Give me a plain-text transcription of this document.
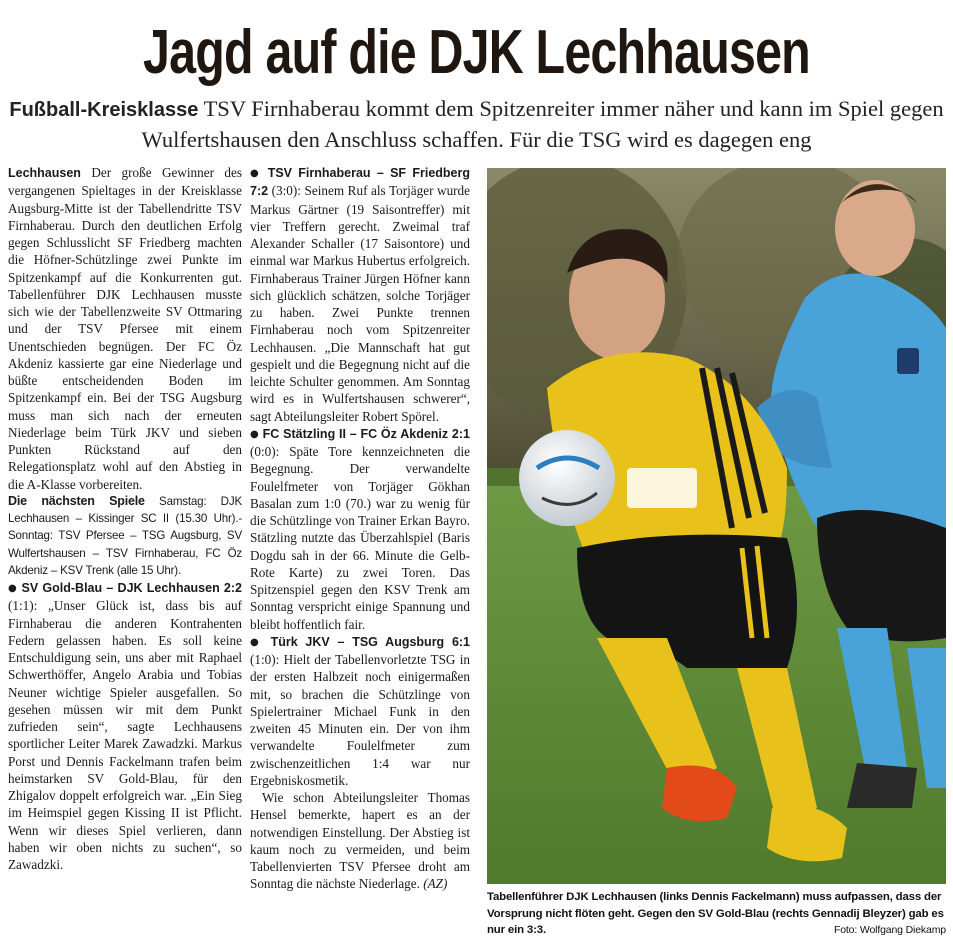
Jagd auf die DJK Lechhausen
Fußball-Kreisklasse TSV Firnhaberau kommt dem Spitzenreiter immer näher und kann im Spiel gegen Wulfertshausen den Anschluss schaffen. Für die TSG wird es dagegen eng

Lechhausen Der große Gewinner des vergangenen Spieltages in der Kreisklasse Augsburg-Mitte ist der Tabellendritte TSV Firnhaberau. Durch den deutlichen Erfolg gegen Schlusslicht SF Friedberg machten die Höfner-Schützlinge zwei Punkte im Spitzenkampf auf die Konkurrenten gut. Tabellenführer DJK Lechhausen musste sich wie der Tabellenzweite SV Ottmaring und der TSV Pfersee mit einem Unentschieden begnügen. Der FC Öz Akdeniz kassierte gar eine Niederlage und büßte entscheidenden Boden im Spitzenkampf ein. Bei der TSG Augsburg muss man sich nach der erneuten Niederlage beim Türk JKV und sieben Punkten Rückstand auf den Relegationsplatz wohl auf den Abstieg in die A-Klasse vorbereiten.

Die nächsten Spiele Samstag: DJK Lechhausen – Kissinger SC II (15.30 Uhr).- Sonntag: TSV Pfersee – TSG Augsburg, SV Wulfertshausen – TSV Firnhaberau, FC Öz Akdeniz – KSV Trenk (alle 15 Uhr).

● SV Gold-Blau – DJK Lechhausen 2:2 (1:1): „Unser Glück ist, dass bis auf Firnhaberau die anderen Kontrahenten Federn gelassen haben. Es soll keine Entschuldigung sein, uns aber mit Raphael Schwerthöffer, Angelo Arabia und Tobias Neuner wichtige Spieler ausgefallen. So gesehen müssen wir mit dem Punkt zufrieden sein“, sagte Lechhausens sportlicher Leiter Marek Zawadzki. Markus Porst und Dennis Fackelmann trafen beim heimstarken SV Gold-Blau, für den Zhigalov doppelt erfolgreich war. „Ein Sieg im Heimspiel gegen Kissing II ist Pflicht. Wenn wir dieses Spiel verlieren, dann haben wir oben nichts zu suchen“, so Zawadzki.

● TSV Firnhaberau – SF Friedberg 7:2 (3:0): Seinem Ruf als Torjäger wurde Markus Gärtner (19 Saisontreffer) mit vier Treffern gerecht. Zweimal traf Alexander Schaller (17 Saisontore) und einmal war Markus Hubertus erfolgreich. Firnhaberaus Trainer Jürgen Höfner kann sich glücklich schätzen, solche Torjäger zu haben. Zwei Punkte trennen Firnhaberau noch vom Spitzenreiter Lechhausen. „Die Mannschaft hat gut gespielt und die Begegnung nicht auf die leichte Schulter genommen. Am Sonntag wird es in Wulfertshausen schwerer“, sagt Abteilungsleiter Robert Spörel.

● FC Stätzling II – FC Öz Akdeniz 2:1 (0:0): Späte Tore kennzeichneten die Begegnung. Der verwandelte Foulelfmeter von Torjäger Gökhan Basalan zum 1:0 (70.) war zu wenig für die Schützlinge von Trainer Erkan Bayro. Stätzling nutzte das Überzahlspiel (Baris Dogdu sah in der 66. Minute die Gelb-Rote Karte) zu zwei Toren. Das Spitzenspiel gegen den KSV Trenk am Sonntag verspricht einige Spannung und bleibt hoffentlich fair.

● Türk JKV – TSG Augsburg 6:1 (1:0): Hielt der Tabellenvorletzte TSG in der ersten Halbzeit noch einigermaßen mit, so brachen die Schützlinge von Spielertrainer Michael Funk in den zweiten 45 Minuten ein. Der von ihm verwandelte Foulelfmeter zum zwischenzeitlichen 1:4 war nur Ergebniskosmetik.

Wie schon Abteilungsleiter Thomas Hensel bemerkte, hapert es an der notwendigen Einstellung. Der Abstieg ist kaum noch zu vermeiden, und beim Tabellenvierten TSV Pfersee droht am Sonntag die nächste Niederlage. (AZ)

Tabellenführer DJK Lechhausen (links Dennis Fackelmann) muss aufpassen, dass der Vorsprung nicht flöten geht. Gegen den SV Gold-Blau (rechts Gennadij Bleyzer) gab es nur ein 3:3.	Foto: Wolfgang Diekamp
